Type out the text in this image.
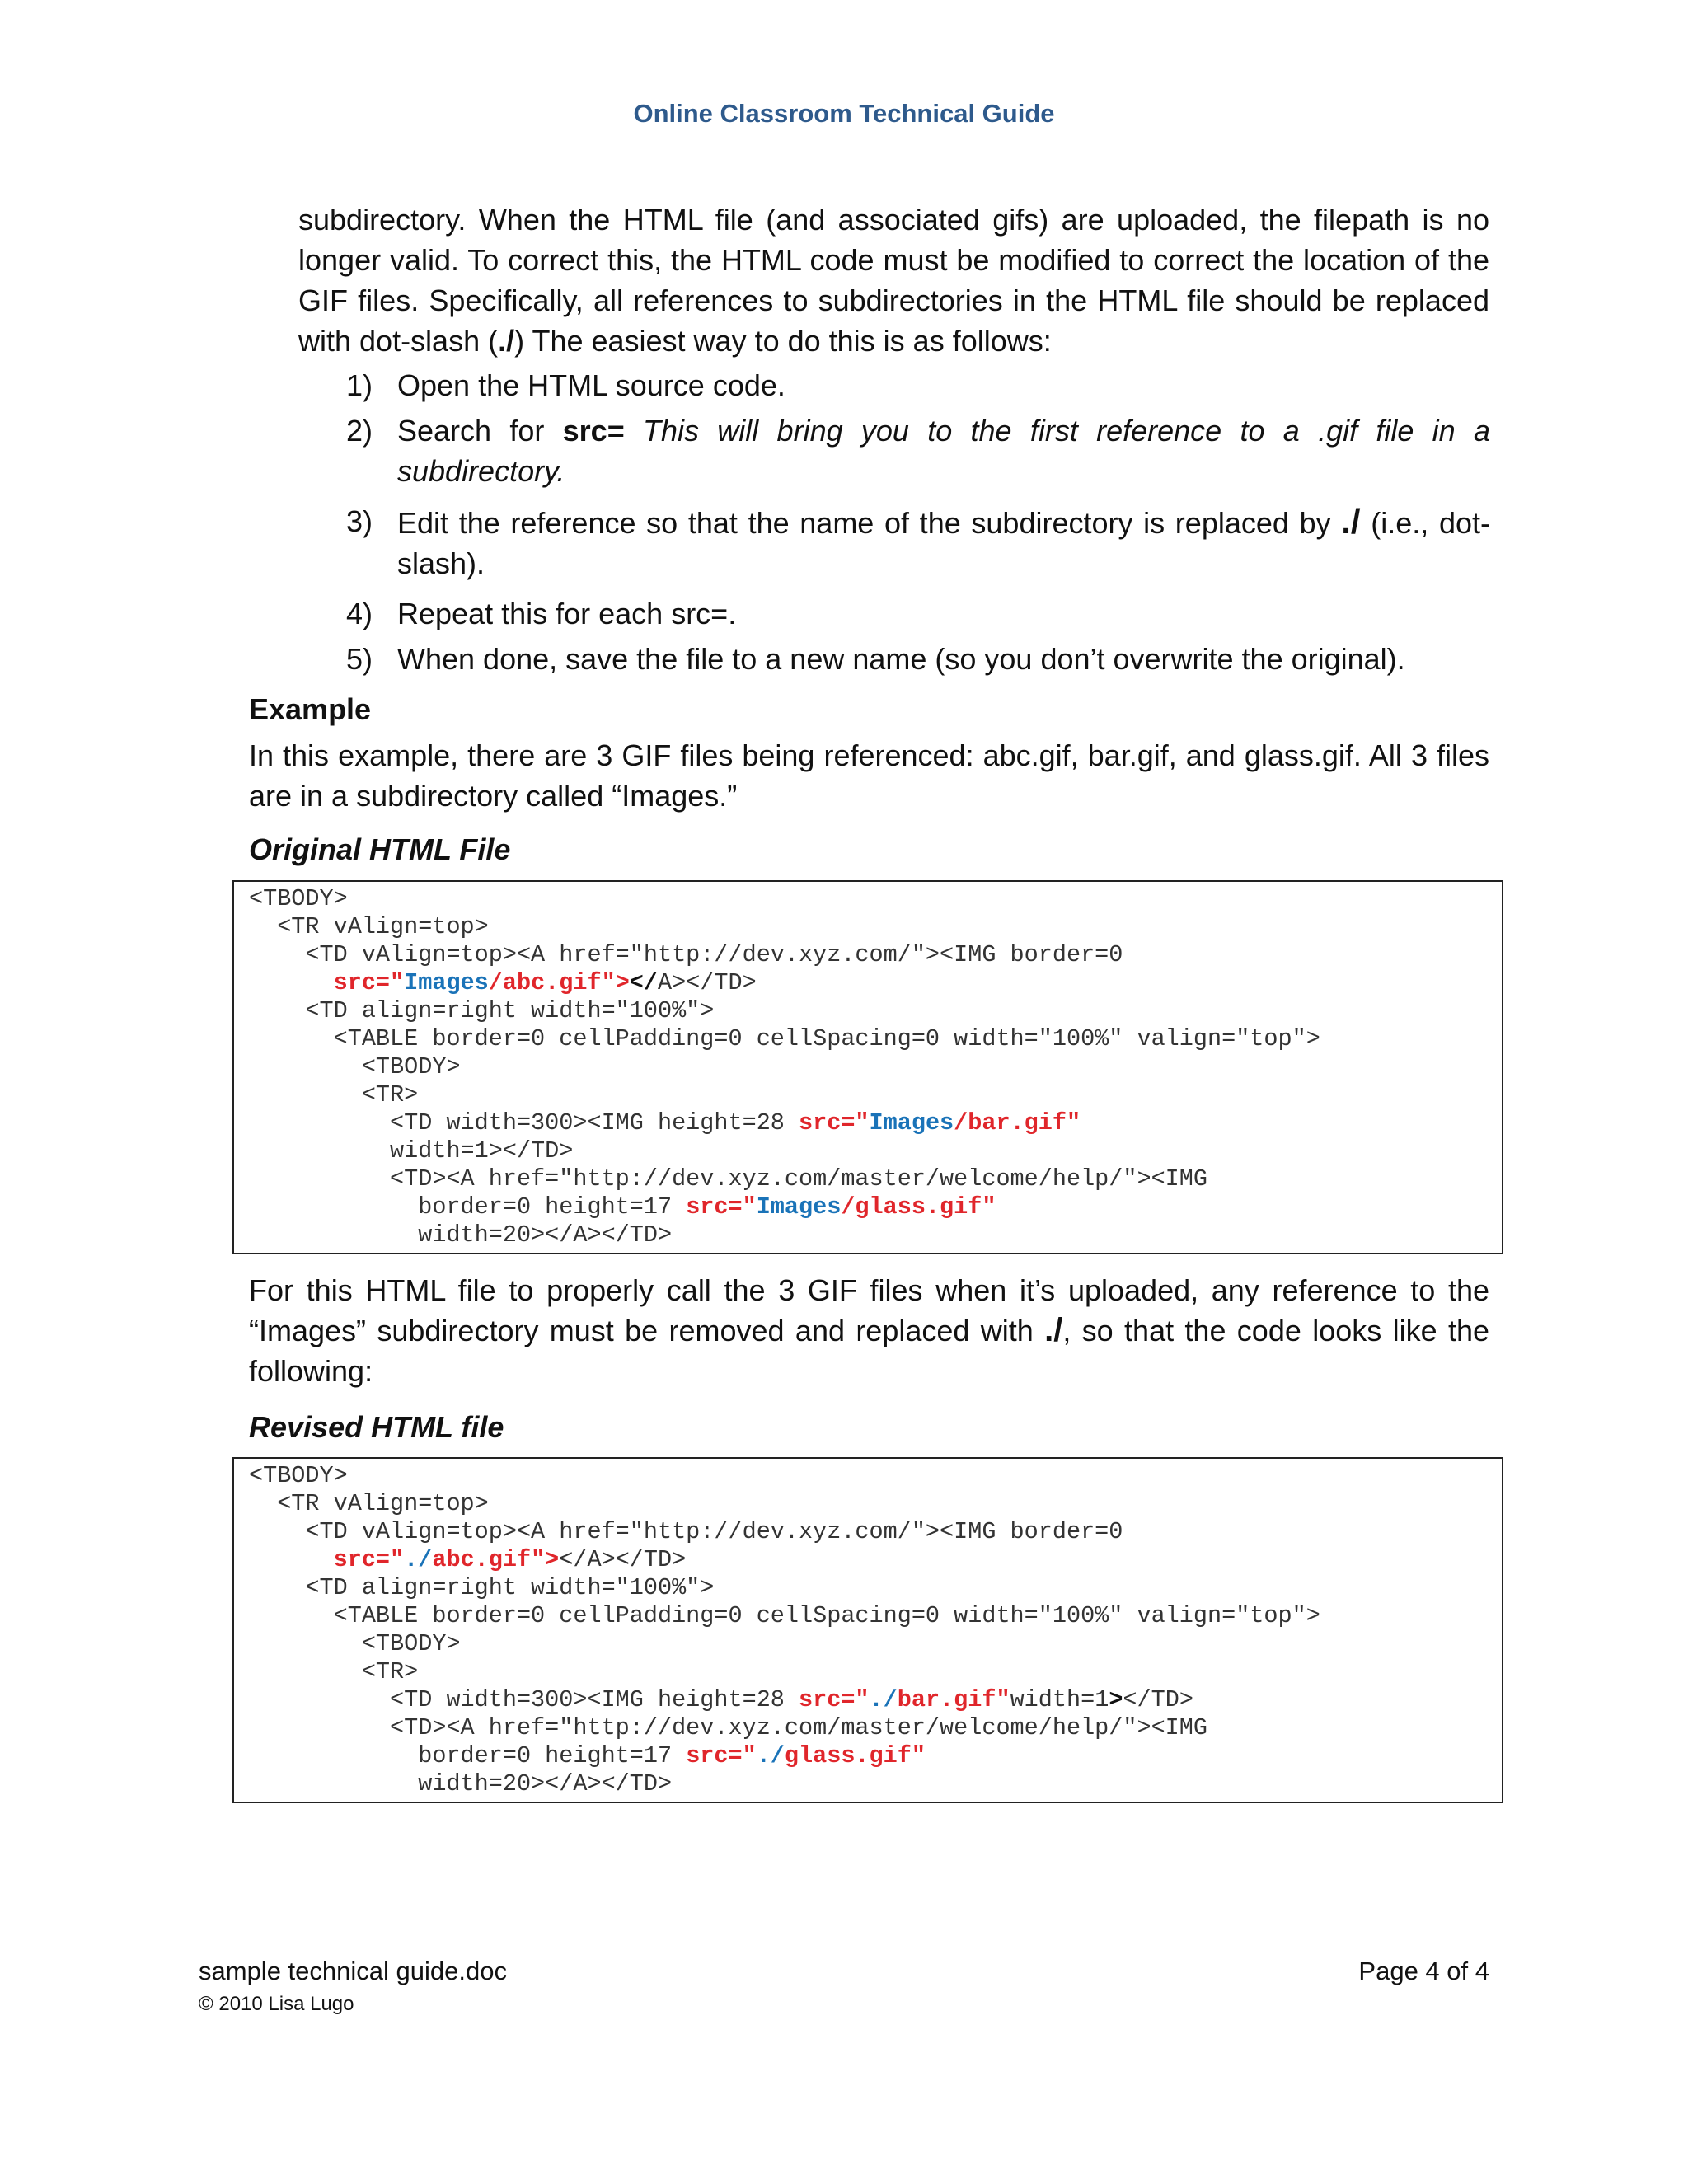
Online Classroom Technical Guide
subdirectory. When the HTML file (and associated gifs) are uploaded, the filepath is no longer valid. To correct this, the HTML code must be modified to correct the location of the GIF files. Specifically, all references to subdirectories in the HTML file should be replaced with dot-slash (./) The easiest way to do this is as follows:
1) Open the HTML source code.
2) Search for src= This will bring you to the first reference to a .gif file in a subdirectory.
3) Edit the reference so that the name of the subdirectory is replaced by ./ (i.e., dot-slash).
4) Repeat this for each src=.
5) When done, save the file to a new name (so you don’t overwrite the original).
Example
In this example, there are 3 GIF files being referenced: abc.gif, bar.gif, and glass.gif. All 3 files are in a subdirectory called “Images.”
Original HTML File
<TBODY>
<TR vAlign=top>
<TD vAlign=top><A href="http://dev.xyz.com/"><IMG border=0
src="Images/abc.gif"></A></TD>
<TD align=right width="100%">
<TABLE border=0 cellPadding=0 cellSpacing=0 width="100%" valign="top">
<TBODY>
<TR>
<TD width=300><IMG height=28 src="Images/bar.gif"
width=1></TD>
<TD><A href="http://dev.xyz.com/master/welcome/help/"><IMG
border=0 height=17 src="Images/glass.gif"
width=20></A></TD>
For this HTML file to properly call the 3 GIF files when it’s uploaded, any reference to the “Images” subdirectory must be removed and replaced with ./, so that the code looks like the following:
Revised HTML file
<TBODY>
<TR vAlign=top>
<TD vAlign=top><A href="http://dev.xyz.com/"><IMG border=0
src="./abc.gif"></A></TD>
<TD align=right width="100%">
<TABLE border=0 cellPadding=0 cellSpacing=0 width="100%" valign="top">
<TBODY>
<TR>
<TD width=300><IMG height=28 src="./bar.gif"width=1></TD>
<TD><A href="http://dev.xyz.com/master/welcome/help/"><IMG
border=0 height=17 src="./glass.gif"
width=20></A></TD>
sample technical guide.doc
© 2010 Lisa Lugo
Page 4 of 4
